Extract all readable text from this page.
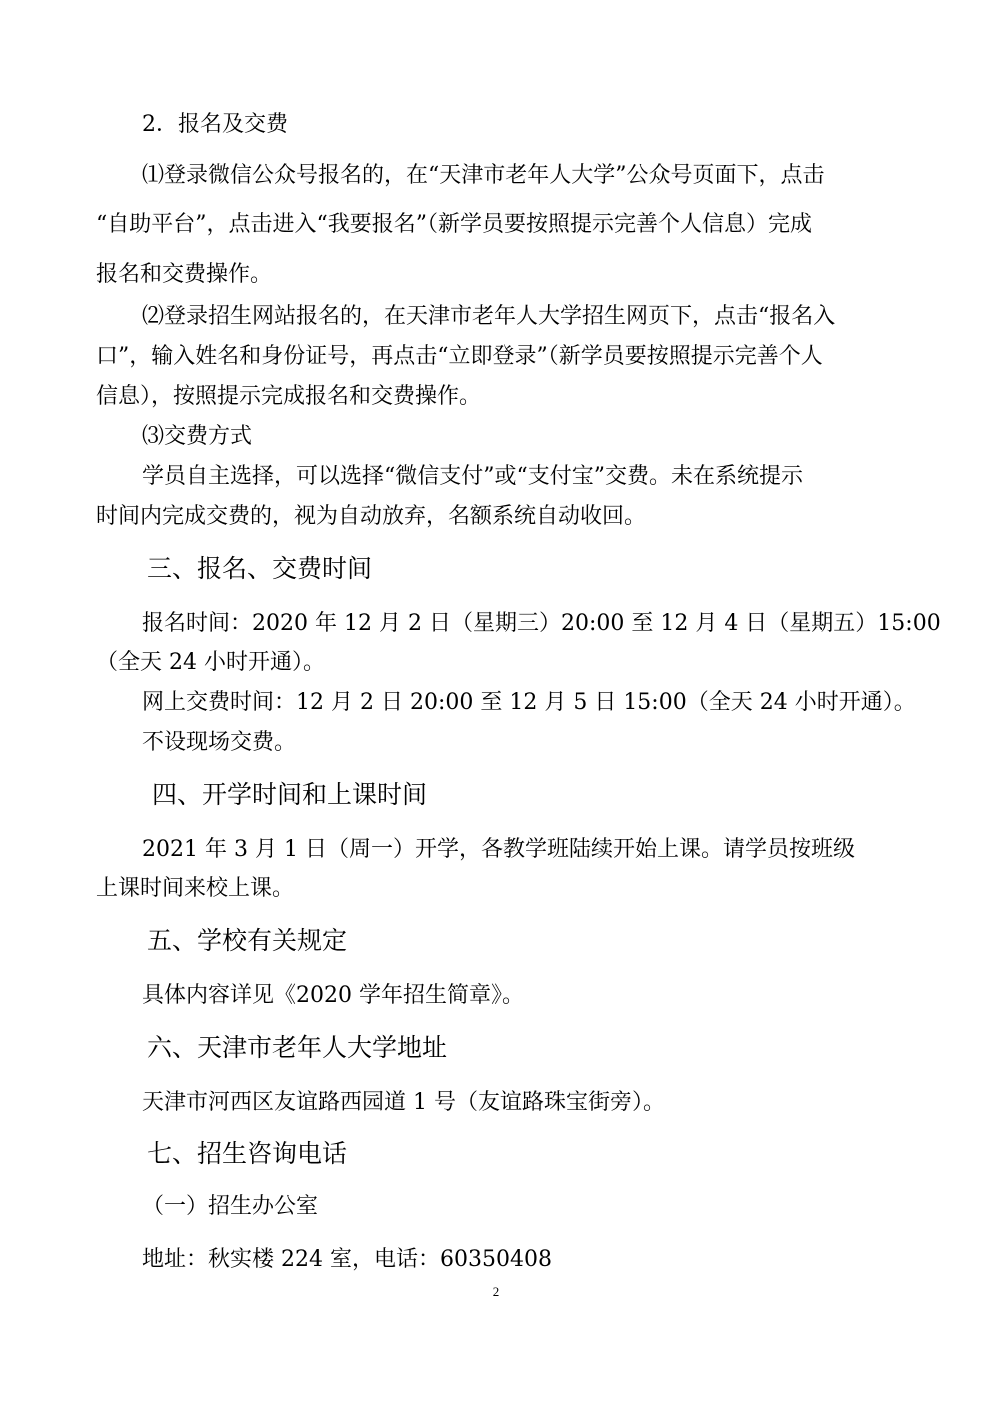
2．报名及交费
⑴登录微信公众号报名的，在“天津市老年人大学”公众号页面下，点击
“自助平台”，点击进入“我要报名”（新学员要按照提示完善个人信息）完成
报名和交费操作。
⑵登录招生网站报名的，在天津市老年人大学招生网页下，点击“报名入
口”，输入姓名和身份证号，再点击“立即登录”（新学员要按照提示完善个人
信息），按照提示完成报名和交费操作。
⑶交费方式
学员自主选择，可以选择“微信支付”或“支付宝”交费。未在系统提示
时间内完成交费的，视为自动放弃，名额系统自动收回。
三、报名、交费时间
报名时间：2020 年 12 月 2 日（星期三）20:00 至 12 月 4 日（星期五）15:00
（全天 24 小时开通）。
网上交费时间：12 月 2 日 20:00 至 12 月 5 日 15:00（全天 24 小时开通）。
不设现场交费。
四、开学时间和上课时间
2021 年 3 月 1 日（周一）开学，各教学班陆续开始上课。请学员按班级
上课时间来校上课。
五、学校有关规定
具体内容详见《2020 学年招生简章》。
六、天津市老年人大学地址
天津市河西区友谊路西园道 1 号（友谊路珠宝街旁）。
七、招生咨询电话
（一）招生办公室
地址：秋实楼 224 室，电话：60350408
2
